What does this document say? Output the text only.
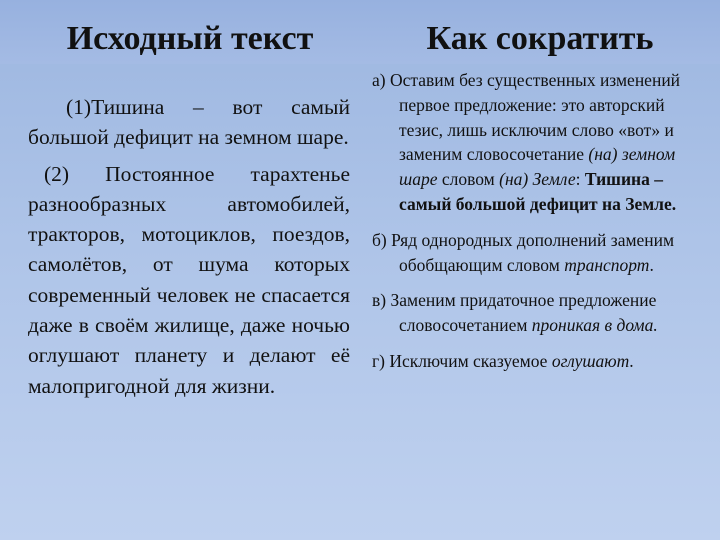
Исходный текст	Как сократить

(1)Тишина – вот самый большой дефицит на земном шаре.

(2) Постоянное тарахтенье разнообразных автомобилей, тракторов, мотоциклов, поездов, самолётов, от шума которых современный человек не спасается даже в своём жилище, даже ночью оглушают планету и делают её малопригодной для жизни.

а) Оставим без существенных изменений первое предложение: это авторский тезис, лишь исключим слово «вот» и заменим словосочетание (на) земном шаре словом (на) Земле: Тишина – самый большой дефицит на Земле.

б) Ряд однородных дополнений заменим обобщающим словом транспорт.

в) Заменим придаточное предложение словосочетанием проникая в дома.

г) Исключим сказуемое оглушают.
